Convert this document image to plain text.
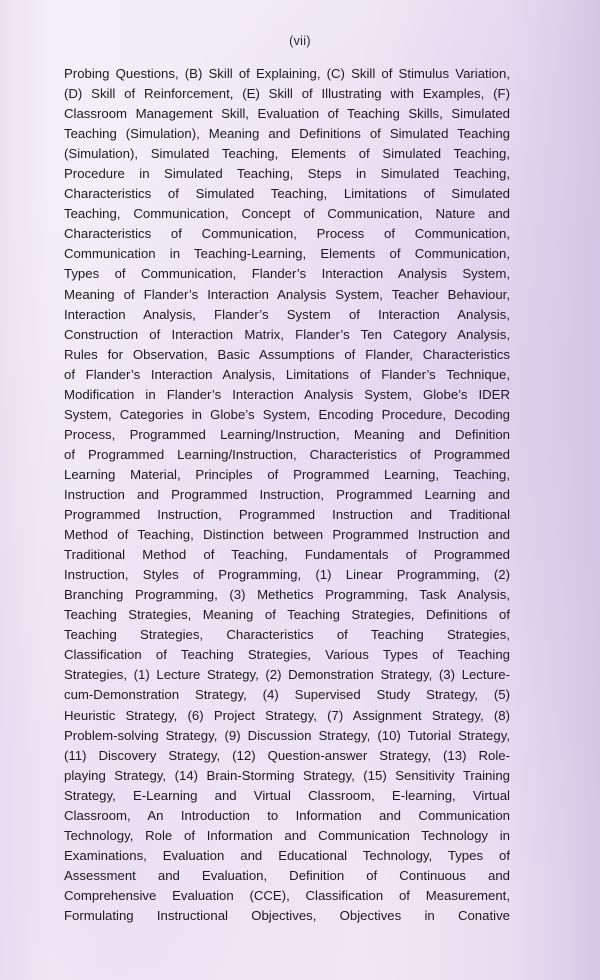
(vii)
Probing Questions, (B) Skill of Explaining, (C) Skill of Stimulus Variation,
(D) Skill of Reinforcement, (E) Skill of Illustrating with Examples, (F)
Classroom Management Skill, Evaluation of Teaching Skills, Simulated
Teaching (Simulation), Meaning and Definitions of Simulated Teaching
(Simulation), Simulated Teaching, Elements of Simulated Teaching,
Procedure in Simulated Teaching, Steps in Simulated Teaching,
Characteristics of Simulated Teaching, Limitations of Simulated
Teaching, Communication, Concept of Communication, Nature and
Characteristics of Communication, Process of Communication,
Communication in Teaching-Learning, Elements of Communication,
Types of Communication, Flander’s Interaction Analysis System,
Meaning of Flander’s Interaction Analysis System, Teacher Behaviour,
Interaction Analysis, Flander’s System of Interaction Analysis,
Construction of Interaction Matrix, Flander’s Ten Category Analysis,
Rules for Observation, Basic Assumptions of Flander, Characteristics
of Flander’s Interaction Analysis, Limitations of Flander’s Technique,
Modification in Flander’s Interaction Analysis System, Globe’s IDER
System, Categories in Globe’s System, Encoding Procedure, Decoding
Process, Programmed Learning/Instruction, Meaning and Definition
of Programmed Learning/Instruction, Characteristics of Programmed
Learning Material, Principles of Programmed Learning, Teaching,
Instruction and Programmed Instruction, Programmed Learning and
Programmed Instruction, Programmed Instruction and Traditional
Method of Teaching, Distinction between Programmed Instruction and
Traditional Method of Teaching, Fundamentals of Programmed
Instruction, Styles of Programming, (1) Linear Programming, (2)
Branching Programming, (3) Methetics Programming, Task Analysis,
Teaching Strategies, Meaning of Teaching Strategies, Definitions of
Teaching Strategies, Characteristics of Teaching Strategies,
Classification of Teaching Strategies, Various Types of Teaching
Strategies, (1) Lecture Strategy, (2) Demonstration Strategy, (3) Lecture-
cum-Demonstration Strategy, (4) Supervised Study Strategy, (5)
Heuristic Strategy, (6) Project Strategy, (7) Assignment Strategy, (8)
Problem-solving Strategy, (9) Discussion Strategy, (10) Tutorial Strategy,
(11) Discovery Strategy, (12) Question-answer Strategy, (13) Role-
playing Strategy, (14) Brain-Storming Strategy, (15) Sensitivity Training
Strategy, E-Learning and Virtual Classroom, E-learning, Virtual
Classroom, An Introduction to Information and Communication
Technology, Role of Information and Communication Technology in
Examinations, Evaluation and Educational Technology, Types of
Assessment and Evaluation, Definition of Continuous and
Comprehensive Evaluation (CCE), Classification of Measurement,
Formulating Instructional Objectives, Objectives in Conative
